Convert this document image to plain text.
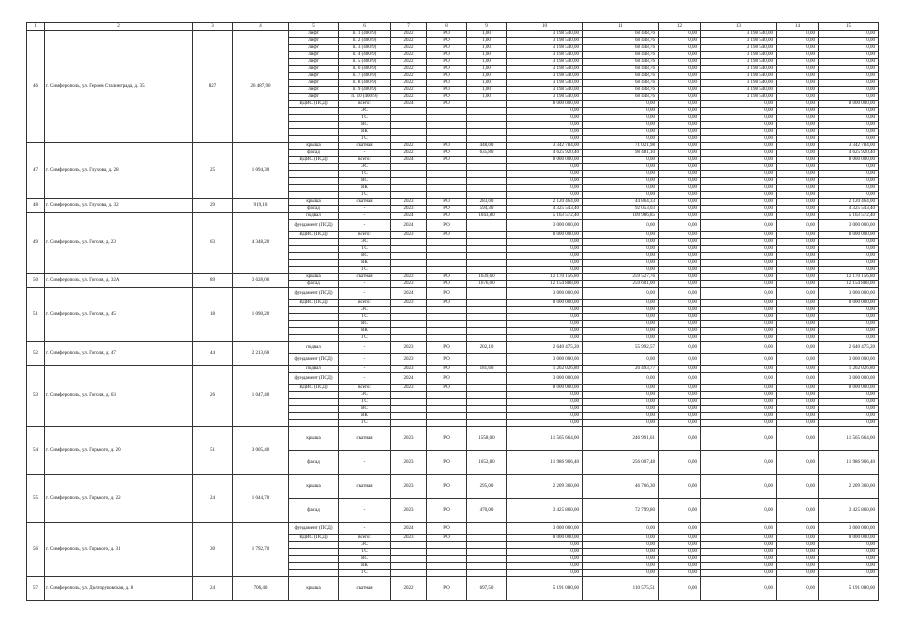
1	2	3	4	5	6	7	8	9	10	11	12	13	14	15
46	г. Симферополь, ул. Героев Сталинграда, д. 35	827	26 487,90	лифт	п. 1 (400/9)	2022	РО	1,00	3 198 540,00	68 448,76	0,00	3 198 540,00	0,00	0,00
				лифт	п. 2 (400/9)	2022	РО	1,00	3 198 540,00	68 448,76	0,00	3 198 540,00	0,00	0,00
				лифт	п. 3 (400/9)	2022	РО	1,00	3 198 540,00	68 448,76	0,00	3 198 540,00	0,00	0,00
				лифт	п. 4 (400/9)	2022	РО	1,00	3 198 540,00	68 448,76	0,00	3 198 540,00	0,00	0,00
				лифт	п. 5 (400/9)	2022	РО	1,00	3 198 540,00	68 448,76	0,00	3 198 540,00	0,00	0,00
				лифт	п. 6 (400/9)	2022	РО	1,00	3 198 540,00	68 448,76	0,00	3 198 540,00	0,00	0,00
				лифт	п. 7 (400/9)	2022	РО	1,00	3 198 540,00	68 448,76	0,00	3 198 540,00	0,00	0,00
				лифт	п. 8 (400/9)	2022	РО	1,00	3 198 540,00	68 448,76	0,00	3 198 540,00	0,00	0,00
				лифт	п. 9 (400/9)	2022	РО	1,00	3 198 540,00	68 448,76	0,00	3 198 540,00	0,00	0,00
				лифт	п. 10 (400/9)	2022	РО	1,00	3 198 540,00	68 448,76	0,00	3 198 540,00	0,00	0,00
				ВДИС (ПСД)	всего:	2024	РО		8 000 000,00	0,00	0,00	0,00	0,00	8 000 000,00
					ЭС				0,00	0,00	0,00	0,00	0,00	0,00
					ТС				0,00	0,00	0,00	0,00	0,00	0,00
					ВС				0,00	0,00	0,00	0,00	0,00	0,00
					ВК				0,00	0,00	0,00	0,00	0,00	0,00
					ГС				0,00	0,00	0,00	0,00	0,00	0,00
47	г. Симферополь, ул. Глухова, д. 28	25	1 094,30	крыша	скатная	2022	РО	448,00	3 342 784,00	71 021,98	0,00	0,00	0,00	3 342 784,00
				фасад	-	2022	РО	635,80	4 625 920,40	98 481,10	0,00	0,00	0,00	4 625 920,40
				ВДИС (ПСД)	всего:	2024	РО		8 000 000,00	0,00	0,00	0,00	0,00	8 000 000,00
					ЭС				0,00	0,00	0,00	0,00	0,00	0,00
					ТС				0,00	0,00	0,00	0,00	0,00	0,00
					ВС				0,00	0,00	0,00	0,00	0,00	0,00
					ВК				0,00	0,00	0,00	0,00	0,00	0,00
					ГС				0,00	0,00	0,00	0,00	0,00	0,00
48	г. Симферополь, ул. Глухова, д. 32	29	919,10	крыша	скатная	2023	РО	283,00	2 120 464,00	44 864,33	0,00	0,00	0,00	2 120 464,00
				фасад	-	2023	РО	594,30	4 325 543,40	92 053,03	0,00	0,00	0,00	4 325 543,40
49	г. Симферополь, ул. Гоголя, д. 23	63	4 348,20	подвал	-	2024	РО	1043,80	5 163 572,40	109 986,85	0,00	0,00	0,00	5 163 572,40
				фундамент (ПСД)	-	2024	РО		3 000 000,00	0,00	0,00	0,00	0,00	3 000 000,00
				ВДИС (ПСД)	всего:	2023	РО		8 000 000,00	0,00	0,00	0,00	0,00	8 000 000,00
					ЭС				0,00	0,00	0,00	0,00	0,00	0,00
					ТС				0,00	0,00	0,00	0,00	0,00	0,00
					ВС				0,00	0,00	0,00	0,00	0,00	0,00
					ВК				0,00	0,00	0,00	0,00	0,00	0,00
					ГС				0,00	0,00	0,00	0,00	0,00	0,00
50	г. Симферополь, ул. Гоголя, д. 32А	89	3 628,00	крыша	скатная	2023	РО	1639,60	12 170 156,80	259 527,76	0,00	0,00	0,00	12 170 156,80
				фасад	-	2023	РО	1676,00	12 154 888,00	259 601,00	0,00	0,00	0,00	12 154 888,00
51	г. Симферополь, ул. Гоголя, д. 45	18	1 090,20	фундамент (ПСД)	-	2024	РО		3 000 000,00	0,00	0,00	0,00	0,00	3 000 000,00
				ВДИС (ПСД)	всего:	2023	РО		8 000 000,00	0,00	0,00	0,00	0,00	8 000 000,00
					ЭС				0,00	0,00	0,00	0,00	0,00	0,00
					ТС				0,00	0,00	0,00	0,00	0,00	0,00
					ВС				0,00	0,00	0,00	0,00	0,00	0,00
					ВК				0,00	0,00	0,00	0,00	0,00	0,00
					ГС				0,00	0,00	0,00	0,00	0,00	0,00
52	г. Симферополь, ул. Гоголя, д. 47	44	2 213,60	подвал	-	2023	РО	202,10	2 640 475,20	55 992,57	0,00	0,00	0,00	2 640 475,20
				фундамент (ПСД)	-	2023	РО		3 000 000,00	0,00	0,00	0,00	0,00	3 000 000,00
53	г. Симферополь, ул. Гоголя, д. 63	26	1 047,40	подвал	-	2023	РО	181,60	1 262 026,80	26 493,77	0,00	0,00	0,00	1 262 026,80
				фундамент (ПСД)	-	2024	РО		3 000 000,00	0,00	0,00	0,00	0,00	3 000 000,00
				ВДИС (ПСД)	всего:	2023	РО		8 000 000,00	0,00	0,00	0,00	0,00	8 000 000,00
					ЭС				0,00	0,00	0,00	0,00	0,00	0,00
					ТС				0,00	0,00	0,00	0,00	0,00	0,00
					ВС				0,00	0,00	0,00	0,00	0,00	0,00
					ВК				0,00	0,00	0,00	0,00	0,00	0,00
					ГС				0,00	0,00	0,00	0,00	0,00	0,00
54	г. Симферополь, ул. Горького, д. 20	51	3 005,40	крыша	скатная	2023	РО	1558,00	11 565 664,00	246 991,61	0,00	0,00	0,00	11 565 664,00
				фасад	-	2023	РО	1652,80	11 986 966,40	256 007,48	0,00	0,00	0,00	11 986 966,40
55	г. Симферополь, ул. Горького, д. 22	24	1 044,70	крыша	скатная	2023	РО	295,00	2 209 360,00	46 766,30	0,00	0,00	0,00	2 209 360,00
				фасад	-	2023	РО	470,00	3 425 860,00	72 799,80	0,00	0,00	0,00	3 425 860,00
56	г. Симферополь, ул. Горького, д. 31	30	1 792,70	фундамент (ПСД)	-	2024	РО		3 000 000,00	0,00	0,00	0,00	0,00	3 000 000,00
				ВДИС (ПСД)	всего:	2023	РО		8 000 000,00	0,00	0,00	0,00	0,00	8 000 000,00
					ЭС				0,00	0,00	0,00	0,00	0,00	0,00
					ТС				0,00	0,00	0,00	0,00	0,00	0,00
					ВС				0,00	0,00	0,00	0,00	0,00	0,00
					ВК				0,00	0,00	0,00	0,00	0,00	0,00
					ГС				0,00	0,00	0,00	0,00	0,00	0,00
57	г. Симферополь, ул. Долгоруковская, д. 8	24	706,40	крыша	скатная	2022	РО	697,50	5 191 080,00	110 575,51	0,00	0,00	0,00	5 191 080,00
